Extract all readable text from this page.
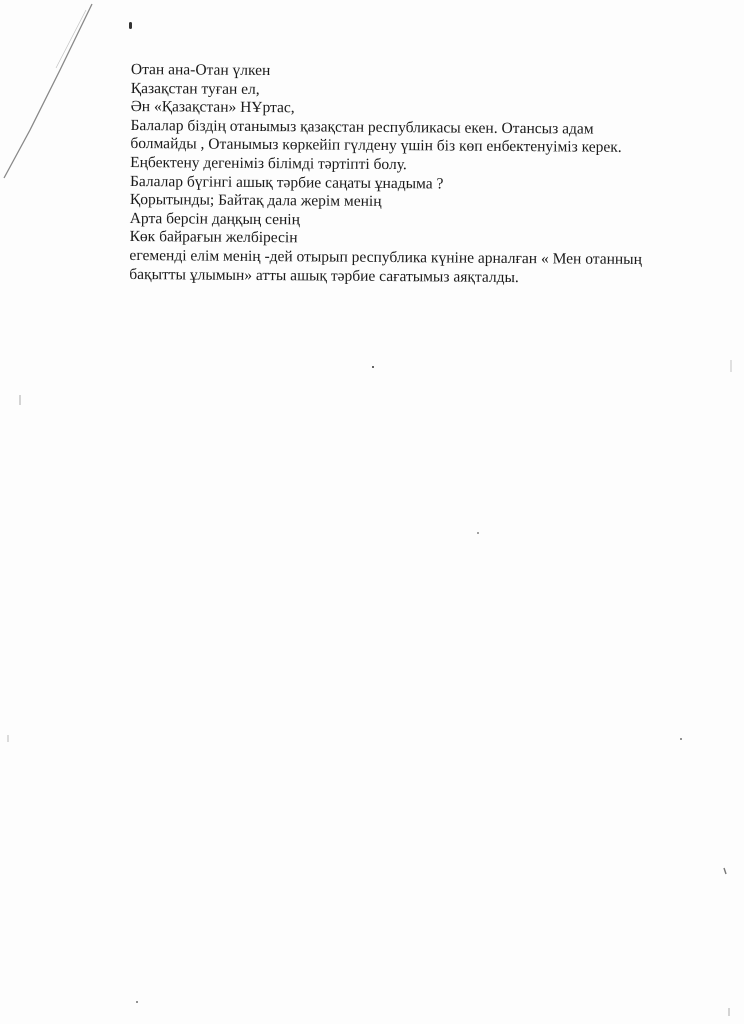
Отан ана-Отан үлкен
Қазақстан туған ел,
Ән «Қазақстан» НҰртас,
Балалар біздің отанымыз қазақстан республикасы екен. Отансыз адам
болмайды , Отанымыз көркейіп гүлдену үшін біз көп енбектенуіміз керек.
Еңбектену дегеніміз білімді тәртіпті болу.
Балалар бүгінгі ашық тәрбие саңаты ұнадыма ?
Қорытынды; Байтақ дала жерім менің
Арта берсін даңқың сенің
Көк байрағын желбіресін
егеменді елім менің -дей отырып республика күніне арналған « Мен отанның
бақытты ұлымын» атты ашық тәрбие сағатымыз аяқталды.
